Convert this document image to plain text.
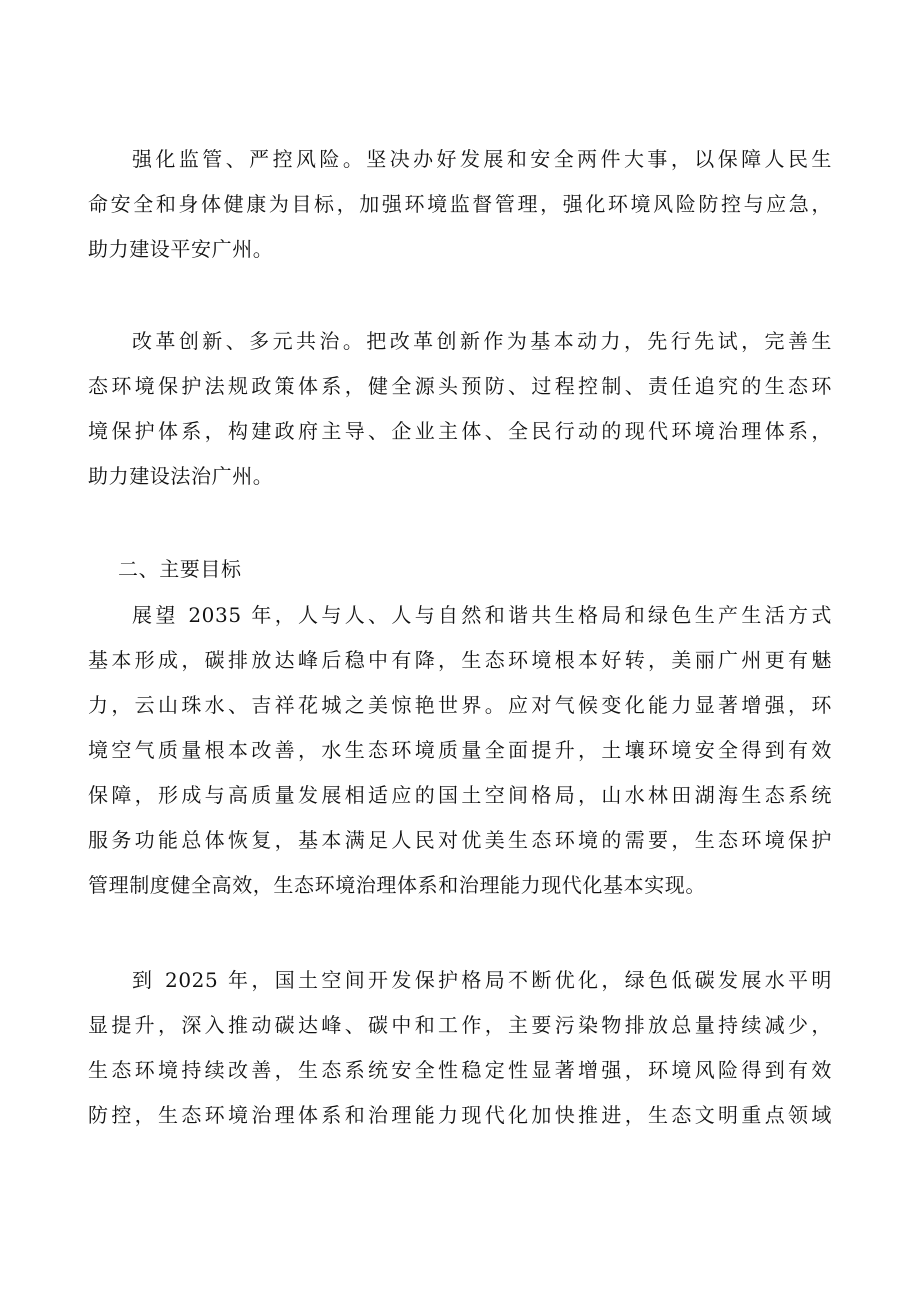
强化监管、严控风险。坚决办好发展和安全两件大事，以保障人民生
命安全和身体健康为目标，加强环境监督管理，强化环境风险防控与应急，
助力建设平安广州。

改革创新、多元共治。把改革创新作为基本动力，先行先试，完善生
态环境保护法规政策体系，健全源头预防、过程控制、责任追究的生态环
境保护体系，构建政府主导、企业主体、全民行动的现代环境治理体系，
助力建设法治广州。

二、主要目标

展望 2035 年，人与人、人与自然和谐共生格局和绿色生产生活方式
基本形成，碳排放达峰后稳中有降，生态环境根本好转，美丽广州更有魅
力，云山珠水、吉祥花城之美惊艳世界。应对气候变化能力显著增强，环
境空气质量根本改善，水生态环境质量全面提升，土壤环境安全得到有效
保障，形成与高质量发展相适应的国土空间格局，山水林田湖海生态系统
服务功能总体恢复，基本满足人民对优美生态环境的需要，生态环境保护
管理制度健全高效，生态环境治理体系和治理能力现代化基本实现。

到 2025 年，国土空间开发保护格局不断优化，绿色低碳发展水平明
显提升，深入推动碳达峰、碳中和工作，主要污染物排放总量持续减少，
生态环境持续改善，生态系统安全性稳定性显著增强，环境风险得到有效
防控，生态环境治理体系和治理能力现代化加快推进，生态文明重点领域
